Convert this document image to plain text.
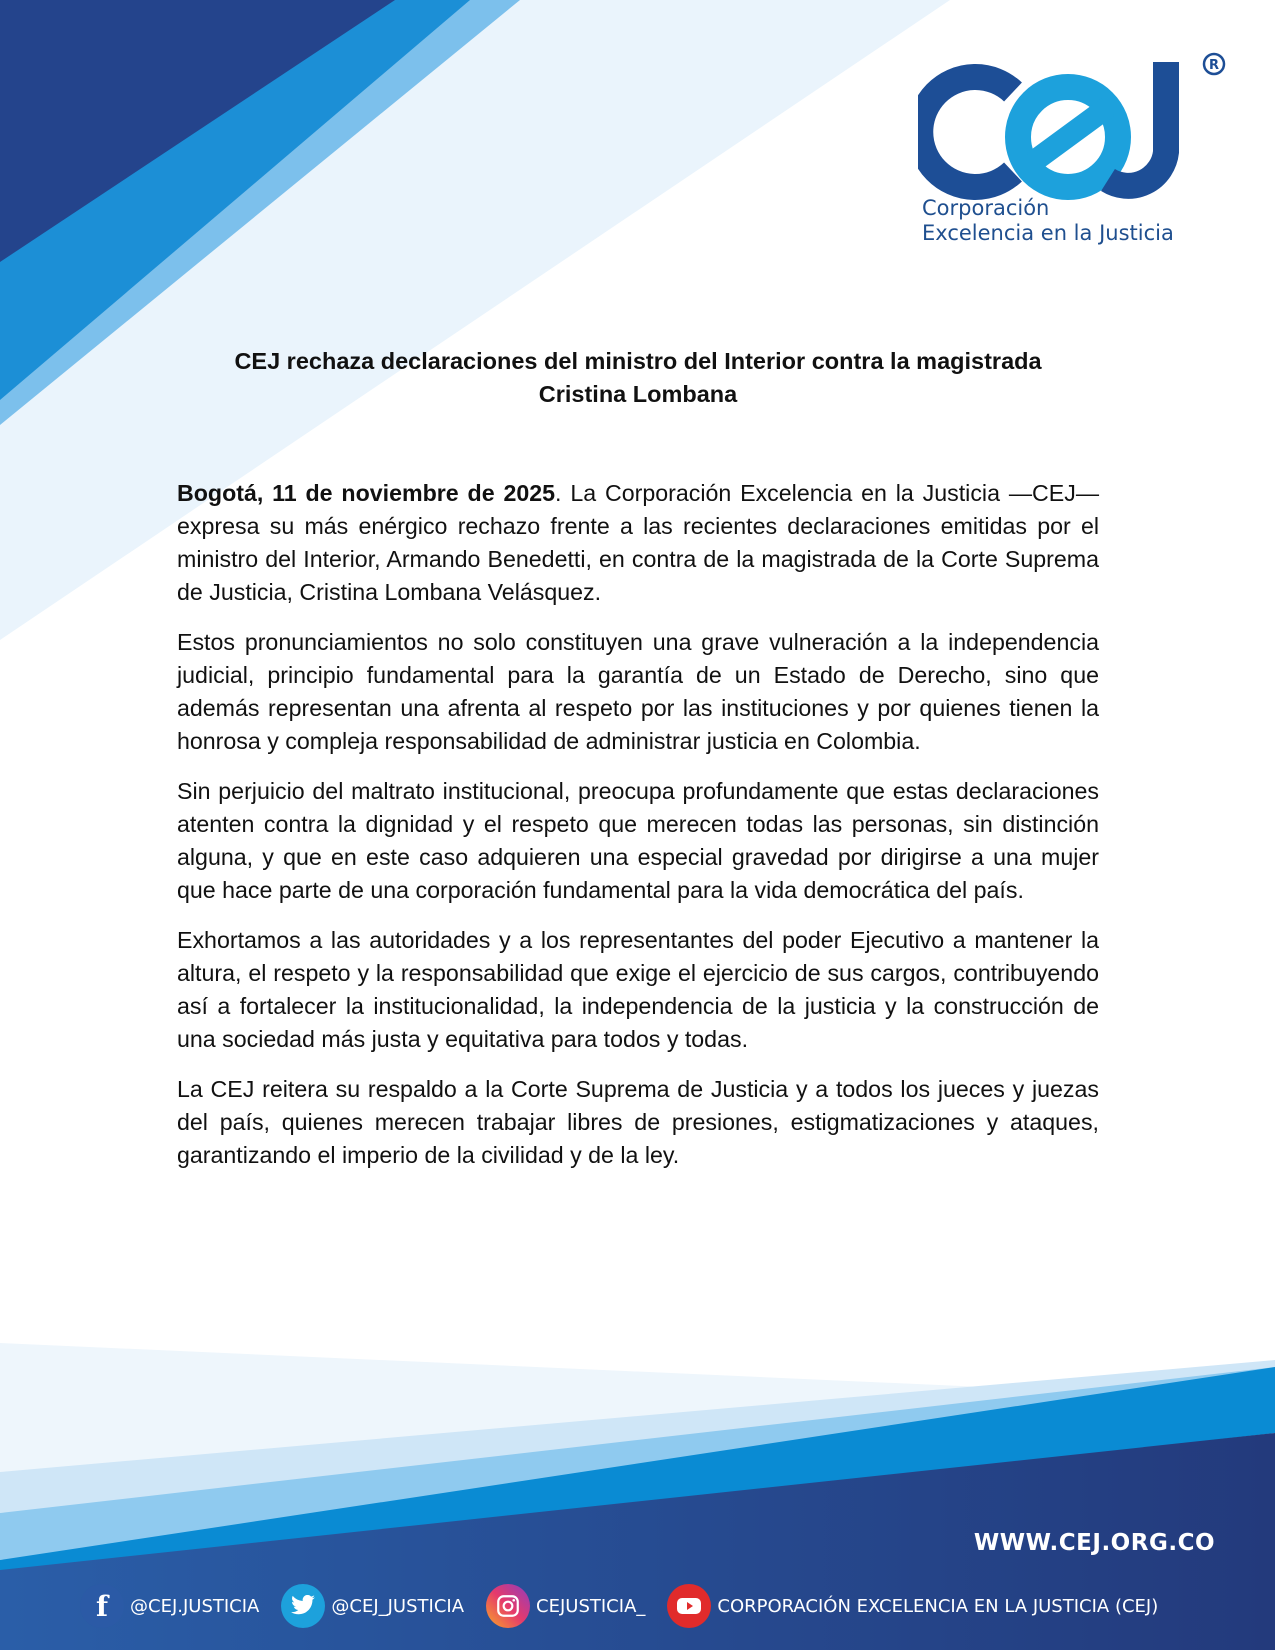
R
Corporación
Excelencia en la Justicia
CEJ rechaza declaraciones del ministro del Interior contra la magistrada
Cristina Lombana

Bogotá, 11 de noviembre de 2025. La Corporación Excelencia en la Justicia —CEJ— expresa su más enérgico rechazo frente a las recientes declaraciones emitidas por el ministro del Interior, Armando Benedetti, en contra de la magistrada de la Corte Suprema de Justicia, Cristina Lombana Velásquez.

Estos pronunciamientos no solo constituyen una grave vulneración a la independencia judicial, principio fundamental para la garantía de un Estado de Derecho, sino que además representan una afrenta al respeto por las instituciones y por quienes tienen la honrosa y compleja responsabilidad de administrar justicia en Colombia.

Sin perjuicio del maltrato institucional, preocupa profundamente que estas declaraciones atenten contra la dignidad y el respeto que merecen todas las personas, sin distinción alguna, y que en este caso adquieren una especial gravedad por dirigirse a una mujer que hace parte de una corporación fundamental para la vida democrática del país.

Exhortamos a las autoridades y a los representantes del poder Ejecutivo a mantener la altura, el respeto y la responsabilidad que exige el ejercicio de sus cargos, contribuyendo así a fortalecer la institucionalidad, la independencia de la justicia y la construcción de una sociedad más justa y equitativa para todos y todas.

La CEJ reitera su respaldo a la Corte Suprema de Justicia y a todos los jueces y juezas del país, quienes merecen trabajar libres de presiones, estigmatizaciones y ataques, garantizando el imperio de la civilidad y de la ley.

WWW.CEJ.ORG.CO
f	@CEJ.JUSTICIA	@CEJ_JUSTICIA	CEJUSTICIA_	CORPORACIÓN EXCELENCIA EN LA JUSTICIA (CEJ)
